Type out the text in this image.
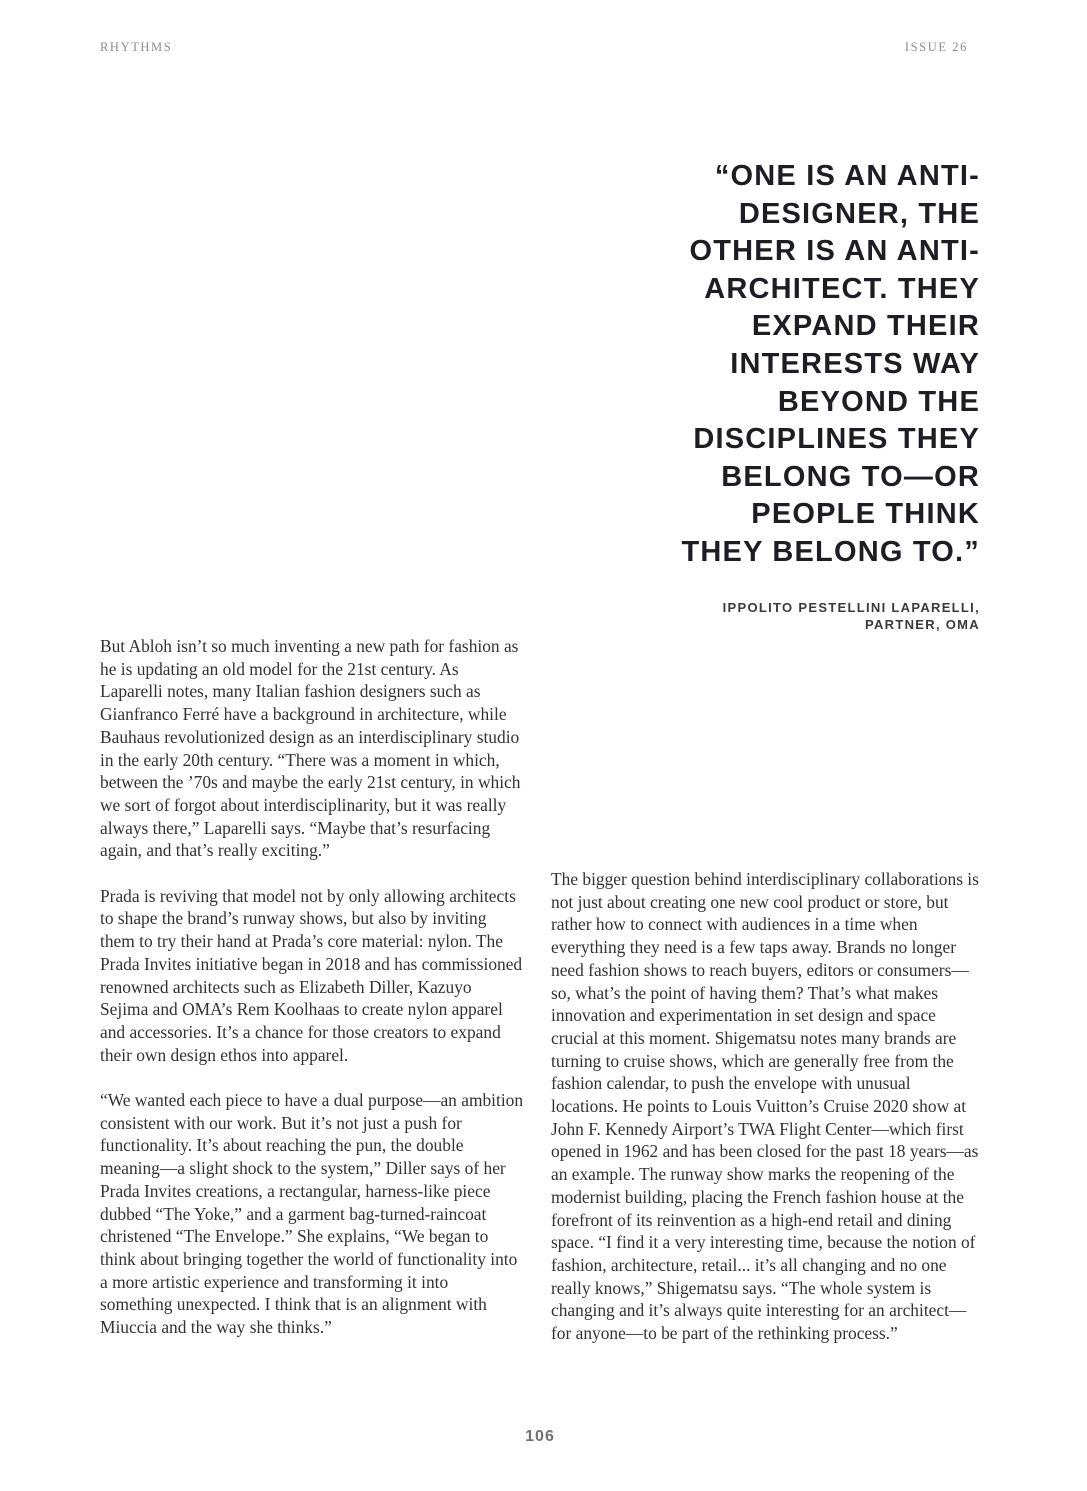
RHYTHMS	ISSUE 26
“ONE IS AN ANTI-
DESIGNER, THE
OTHER IS AN ANTI-
ARCHITECT. THEY
EXPAND THEIR
INTERESTS WAY
BEYOND THE
DISCIPLINES THEY
BELONG TO—OR
PEOPLE THINK
THEY BELONG TO.”
IPPOLITO PESTELLINI LAPARELLI,
PARTNER, OMA

But Abloh isn’t so much inventing a new path for fashion as he is updating an old model for the 21st century. As Laparelli notes, many Italian fashion designers such as Gianfranco Ferré have a background in architecture, while Bauhaus revolutionized design as an interdisciplinary studio in the early 20th century. “There was a moment in which, between the ’70s and maybe the early 21st century, in which we sort of forgot about interdisciplinarity, but it was really always there,” Laparelli says. “Maybe that’s resurfacing again, and that’s really exciting.”

Prada is reviving that model not by only allowing architects to shape the brand’s runway shows, but also by inviting them to try their hand at Prada’s core material: nylon. The Prada Invites initiative began in 2018 and has commissioned renowned architects such as Elizabeth Diller, Kazuyo Sejima and OMA’s Rem Koolhaas to create nylon apparel and accessories. It’s a chance for those creators to expand their own design ethos into apparel.

“We wanted each piece to have a dual purpose—an ambition consistent with our work. But it’s not just a push for functionality. It’s about reaching the pun, the double meaning—a slight shock to the system,” Diller says of her Prada Invites creations, a rectangular, harness-like piece dubbed “The Yoke,” and a garment bag-turned-raincoat christened “The Envelope.” She explains, “We began to think about bringing together the world of functionality into a more artistic experience and transforming it into something unexpected. I think that is an alignment with Miuccia and the way she thinks.”

The bigger question behind interdisciplinary collaborations is not just about creating one new cool product or store, but rather how to connect with audiences in a time when everything they need is a few taps away. Brands no longer need fashion shows to reach buyers, editors or consumers—so, what’s the point of having them? That’s what makes innovation and experimentation in set design and space crucial at this moment. Shigematsu notes many brands are turning to cruise shows, which are generally free from the fashion calendar, to push the envelope with unusual locations. He points to Louis Vuitton’s Cruise 2020 show at John F. Kennedy Airport’s TWA Flight Center—which first opened in 1962 and has been closed for the past 18 years—as an example. The runway show marks the reopening of the modernist building, placing the French fashion house at the forefront of its reinvention as a high-end retail and dining space. “I find it a very interesting time, because the notion of fashion, architecture, retail... it’s all changing and no one really knows,” Shigematsu says. “The whole system is changing and it’s always quite interesting for an architect—for anyone—to be part of the rethinking process.”

106
